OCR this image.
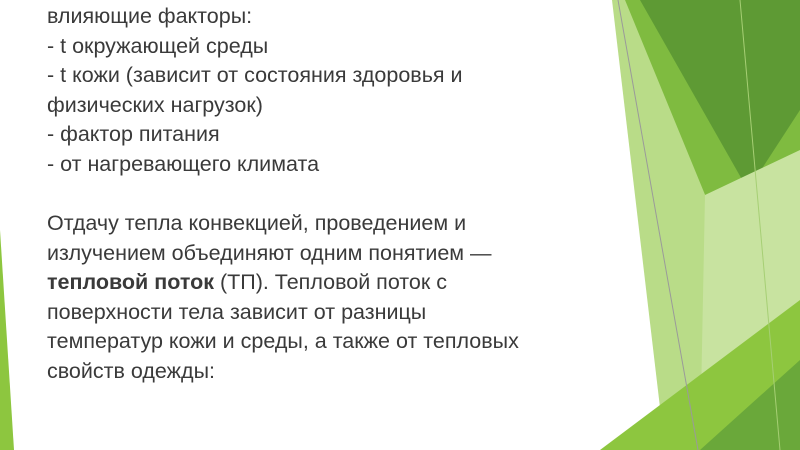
влияющие факторы:
- t окружающей среды
- t кожи (зависит от состояния здоровья и
физических нагрузок)
- фактор питания
- от нагревающего климата
Отдачу тепла конвекцией, проведением и
излучением объединяют одним понятием —
тепловой поток (ТП). Тепловой поток с
поверхности тела зависит от разницы
температур кожи и среды, а также от тепловых
свойств одежды:
